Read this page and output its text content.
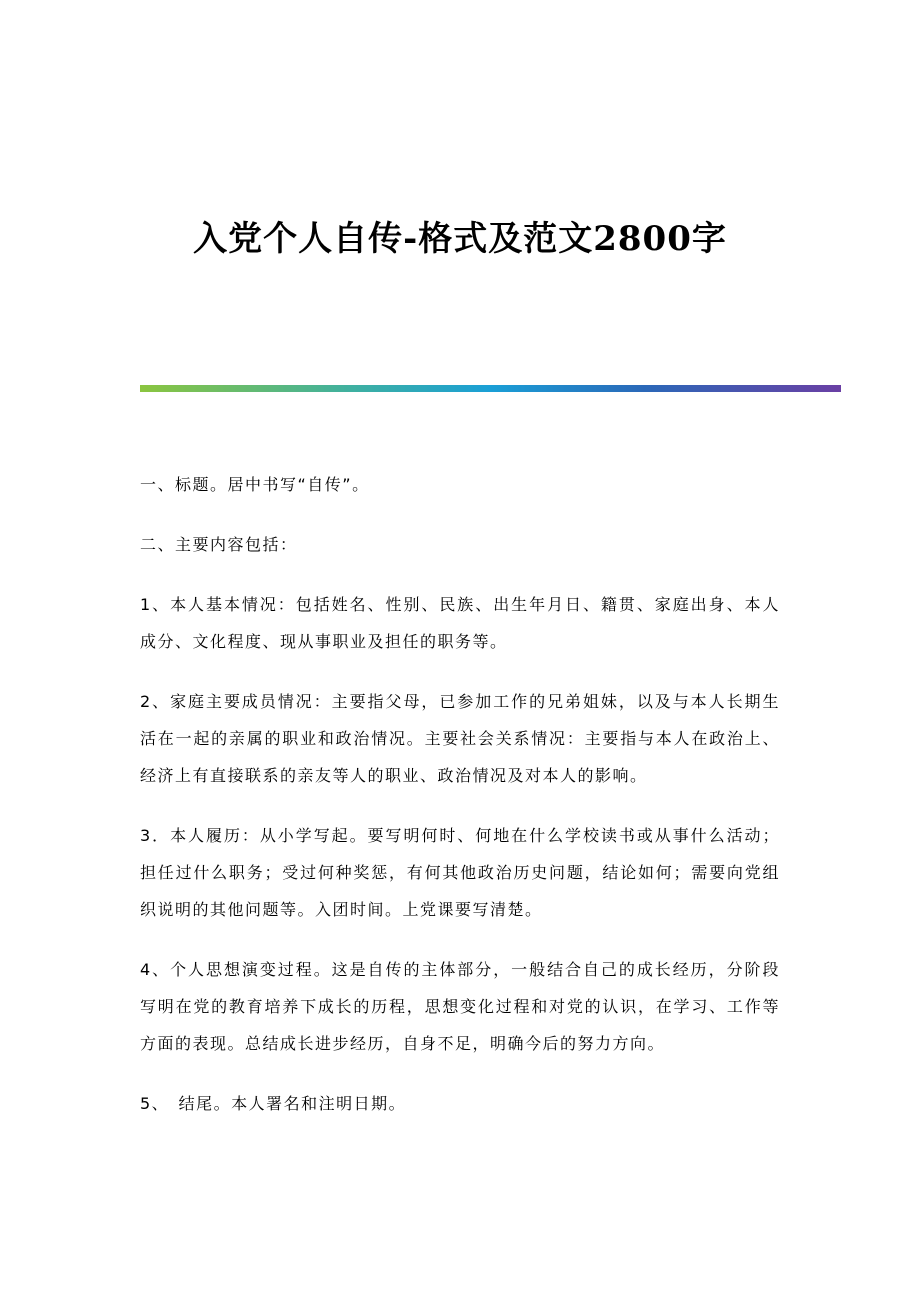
入党个人自传-格式及范文2800字

一、标题。居中书写“自传”。

二、主要内容包括：

1、本人基本情况：包括姓名、性别、民族、出生年月日、籍贯、家庭出身、本人成分、文化程度、现从事职业及担任的职务等。

2、家庭主要成员情况：主要指父母，已参加工作的兄弟姐妹，以及与本人长期生活在一起的亲属的职业和政治情况。主要社会关系情况：主要指与本人在政治上、经济上有直接联系的亲友等人的职业、政治情况及对本人的影响。

3．本人履历：从小学写起。要写明何时、何地在什么学校读书或从事什么活动；担任过什么职务；受过何种奖惩，有何其他政治历史问题，结论如何；需要向党组织说明的其他问题等。入团时间。上党课要写清楚。

4、个人思想演变过程。这是自传的主体部分，一般结合自己的成长经历，分阶段写明在党的教育培养下成长的历程，思想变化过程和对党的认识，在学习、工作等方面的表现。总结成长进步经历，自身不足，明确今后的努力方向。

5、　结尾。本人署名和注明日期。
